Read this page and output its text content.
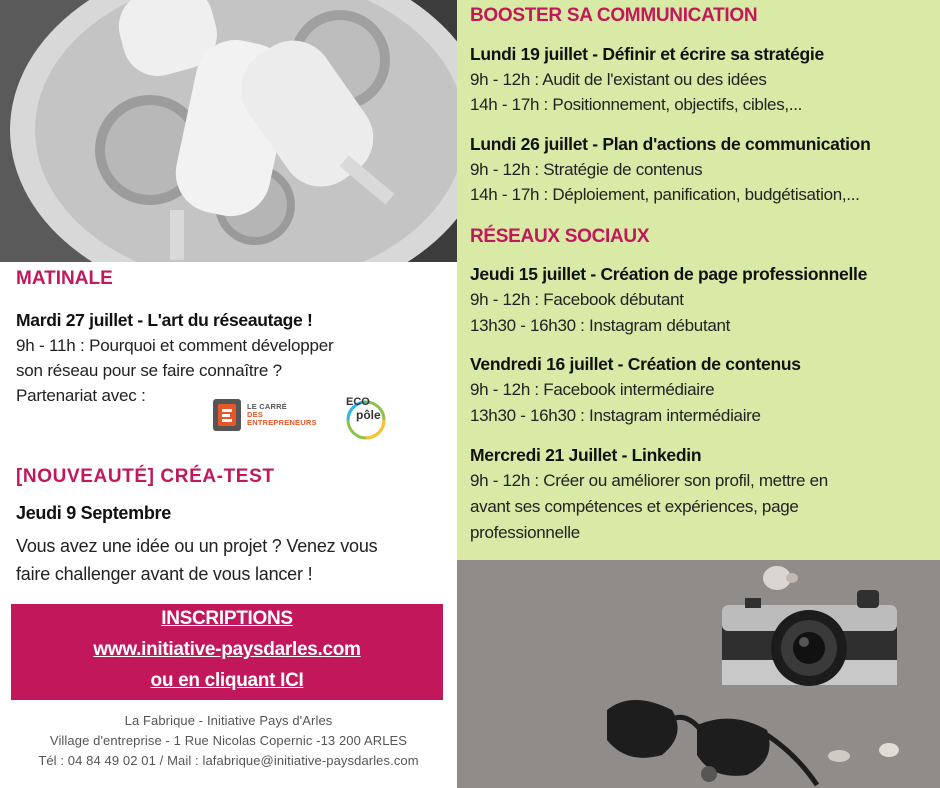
BOOSTER SA COMMUNICATION
Lundi 19 juillet - Définir et écrire sa stratégie
9h - 12h : Audit de l'existant ou des idées
14h - 17h : Positionnement, objectifs, cibles,...
Lundi 26 juillet - Plan d'actions de communication
9h - 12h : Stratégie de contenus
14h - 17h : Déploiement, panification, budgétisation,...
RÉSEAUX SOCIAUX
Jeudi 15 juillet - Création de page professionnelle
9h - 12h : Facebook débutant
13h30 - 16h30 : Instagram débutant
Vendredi 16 juillet - Création de contenus
9h - 12h : Facebook intermédiaire
13h30 - 16h30 : Instagram intermédiaire
Mercredi 21 Juillet - Linkedin
9h - 12h : Créer ou améliorer son profil, mettre en
avant ses compétences et expériences, page
professionnelle
MATINALE
Mardi 27 juillet - L'art du réseautage !
9h - 11h : Pourquoi et comment développer
son réseau pour se faire connaître ?
Partenariat avec :
LE CARRÉ
DES
ENTREPRENEURS
ECO
pôle
[NOUVEAUTÉ] CRÉA-TEST
Jeudi 9 Septembre
Vous avez une idée ou un projet ? Venez vous
faire challenger avant de vous lancer !
INSCRIPTIONS
www.initiative-paysdarles.com
ou en cliquant ICI
La Fabrique - Initiative Pays d'Arles
Village d'entreprise - 1 Rue Nicolas Copernic -13 200 ARLES
Tél : 04 84 49 02 01 / Mail : lafabrique@initiative-paysdarles.com
